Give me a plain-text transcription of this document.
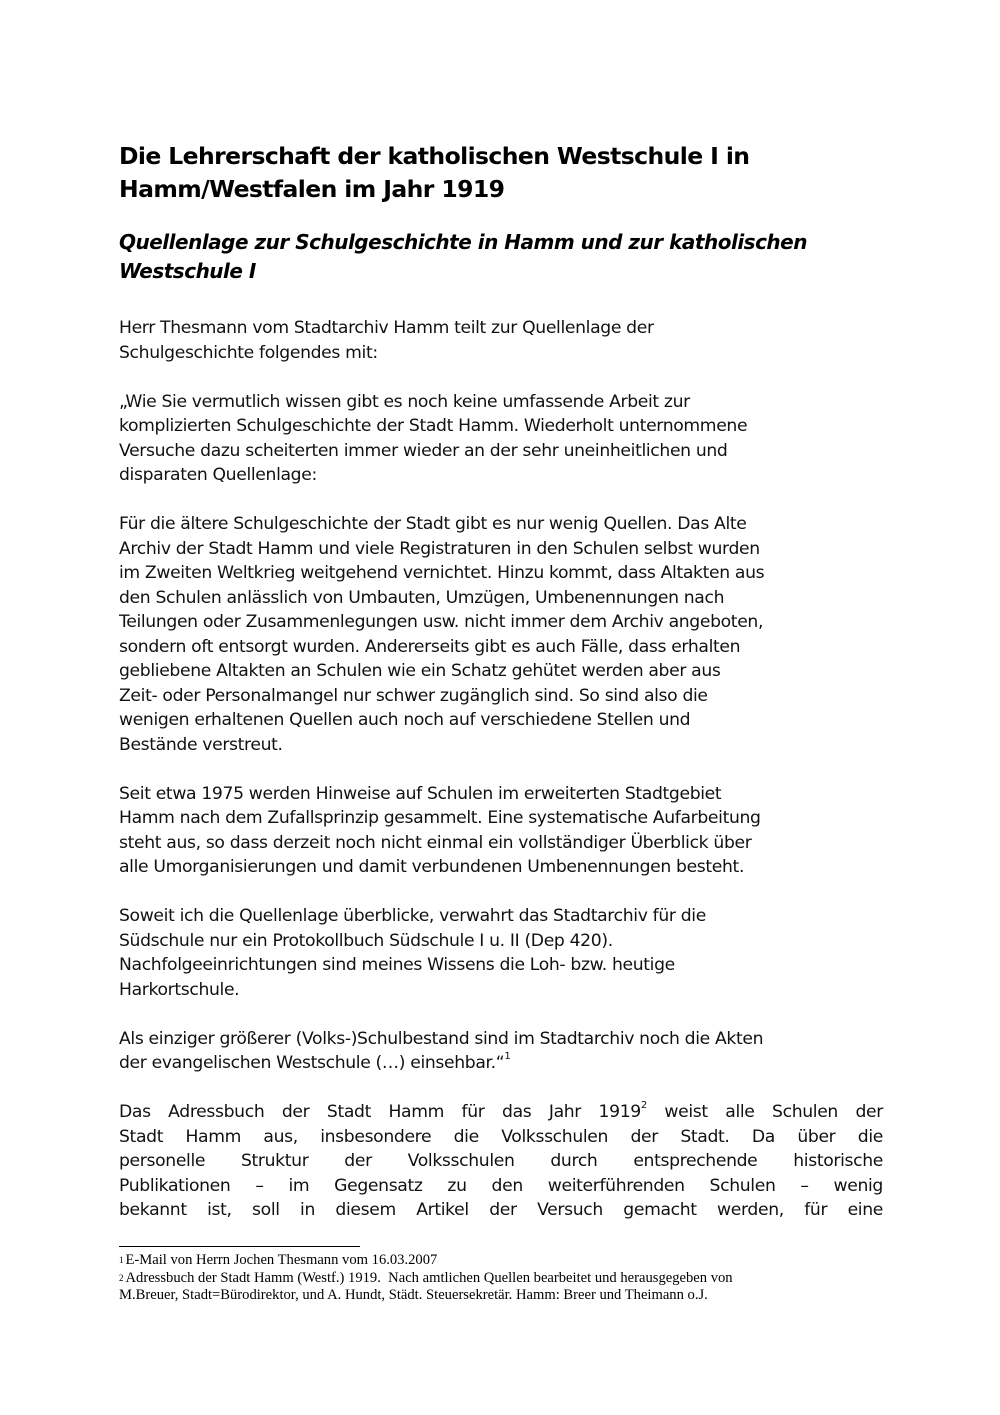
Die Lehrerschaft der katholischen Westschule I in
Hamm/Westfalen im Jahr 1919
Quellenlage zur Schulgeschichte in Hamm und zur katholischen
Westschule I

Herr Thesmann vom Stadtarchiv Hamm teilt zur Quellenlage der
Schulgeschichte folgendes mit:

„Wie Sie vermutlich wissen gibt es noch keine umfassende Arbeit zur
komplizierten Schulgeschichte der Stadt Hamm. Wiederholt unternommene
Versuche dazu scheiterten immer wieder an der sehr uneinheitlichen und
disparaten Quellenlage:

Für die ältere Schulgeschichte der Stadt gibt es nur wenig Quellen. Das Alte
Archiv der Stadt Hamm und viele Registraturen in den Schulen selbst wurden
im Zweiten Weltkrieg weitgehend vernichtet. Hinzu kommt, dass Altakten aus
den Schulen anlässlich von Umbauten, Umzügen, Umbenennungen nach
Teilungen oder Zusammenlegungen usw. nicht immer dem Archiv angeboten,
sondern oft entsorgt wurden. Andererseits gibt es auch Fälle, dass erhalten
gebliebene Altakten an Schulen wie ein Schatz gehütet werden aber aus
Zeit- oder Personalmangel nur schwer zugänglich sind. So sind also die
wenigen erhaltenen Quellen auch noch auf verschiedene Stellen und
Bestände verstreut.

Seit etwa 1975 werden Hinweise auf Schulen im erweiterten Stadtgebiet
Hamm nach dem Zufallsprinzip gesammelt. Eine systematische Aufarbeitung
steht aus, so dass derzeit noch nicht einmal ein vollständiger Überblick über
alle Umorganisierungen und damit verbundenen Umbenennungen besteht.

Soweit ich die Quellenlage überblicke, verwahrt das Stadtarchiv für die
Südschule nur ein Protokollbuch Südschule I u. II (Dep 420).
Nachfolgeeinrichtungen sind meines Wissens die Loh- bzw. heutige
Harkortschule.

Als einziger größerer (Volks-)Schulbestand sind im Stadtarchiv noch die Akten
der evangelischen Westschule (…) einsehbar.“$^1$

Das Adressbuch der Stadt Hamm für das Jahr 1919$^2$ weist alle Schulen der
Stadt Hamm aus, insbesondere die Volksschulen der Stadt. Da über die
personelle Struktur der Volksschulen durch entsprechende historische
Publikationen – im Gegensatz zu den weiterführenden Schulen – wenig
bekannt ist, soll in diesem Artikel der Versuch gemacht werden, für eine

$^1$ E-Mail von Herrn Jochen Thesmann vom 16.03.2007
$^2$ Adressbuch der Stadt Hamm (Westf.) 1919.  Nach amtlichen Quellen bearbeitet und herausgegeben von
M.Breuer, Stadt=Bürodirektor, und A. Hundt, Städt. Steuersekretär. Hamm: Breer und Theimann o.J.
